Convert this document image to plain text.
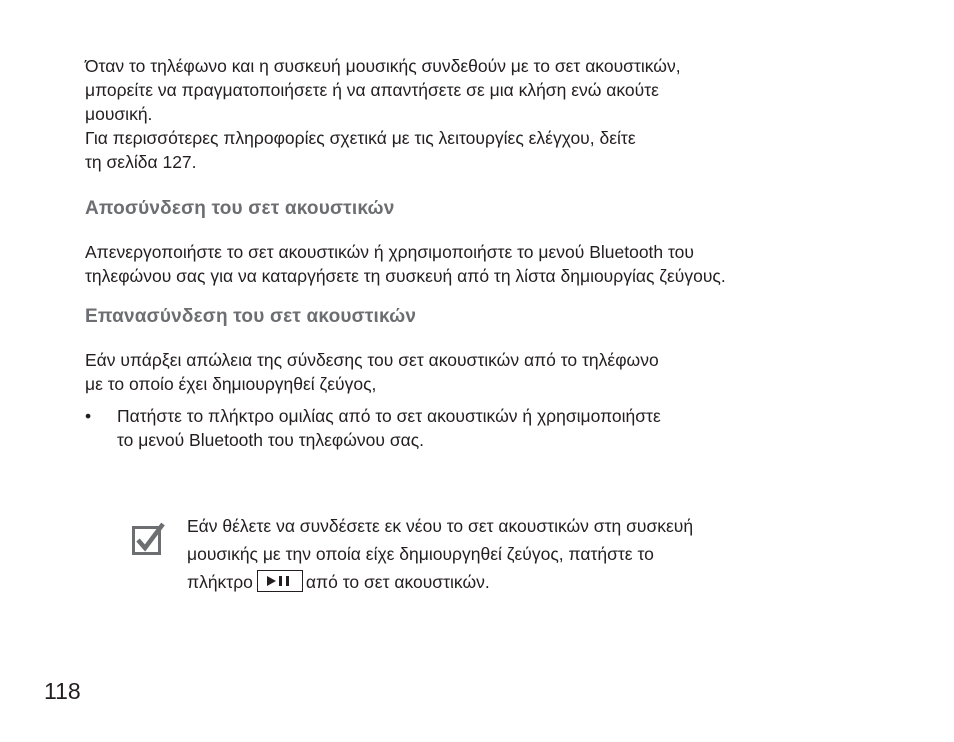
Όταν το τηλέφωνο και η συσκευή μουσικής συνδεθούν με το σετ ακουστικών,
μπορείτε να πραγματοποιήσετε ή να απαντήσετε σε μια κλήση ενώ ακούτε
μουσική.
Για περισσότερες πληροφορίες σχετικά με τις λειτουργίες ελέγχου, δείτε
τη σελίδα 127.

Αποσύνδεση του σετ ακουστικών

Απενεργοποιήστε το σετ ακουστικών ή χρησιμοποιήστε το μενού Bluetooth του
τηλεφώνου σας για να καταργήσετε τη συσκευή από τη λίστα δημιουργίας ζεύγους.

Επανασύνδεση του σετ ακουστικών

Εάν υπάρξει απώλεια της σύνδεσης του σετ ακουστικών από το τηλέφωνο
με το οποίο έχει δημιουργηθεί ζεύγος,

• Πατήστε το πλήκτρο ομιλίας από το σετ ακουστικών ή χρησιμοποιήστε
το μενού Bluetooth του τηλεφώνου σας.
Εάν θέλετε να συνδέσετε εκ νέου το σετ ακουστικών στη συσκευή
μουσικής με την οποία είχε δημιουργηθεί ζεύγος, πατήστε το
πλήκτρο	από το σετ ακουστικών.
118
